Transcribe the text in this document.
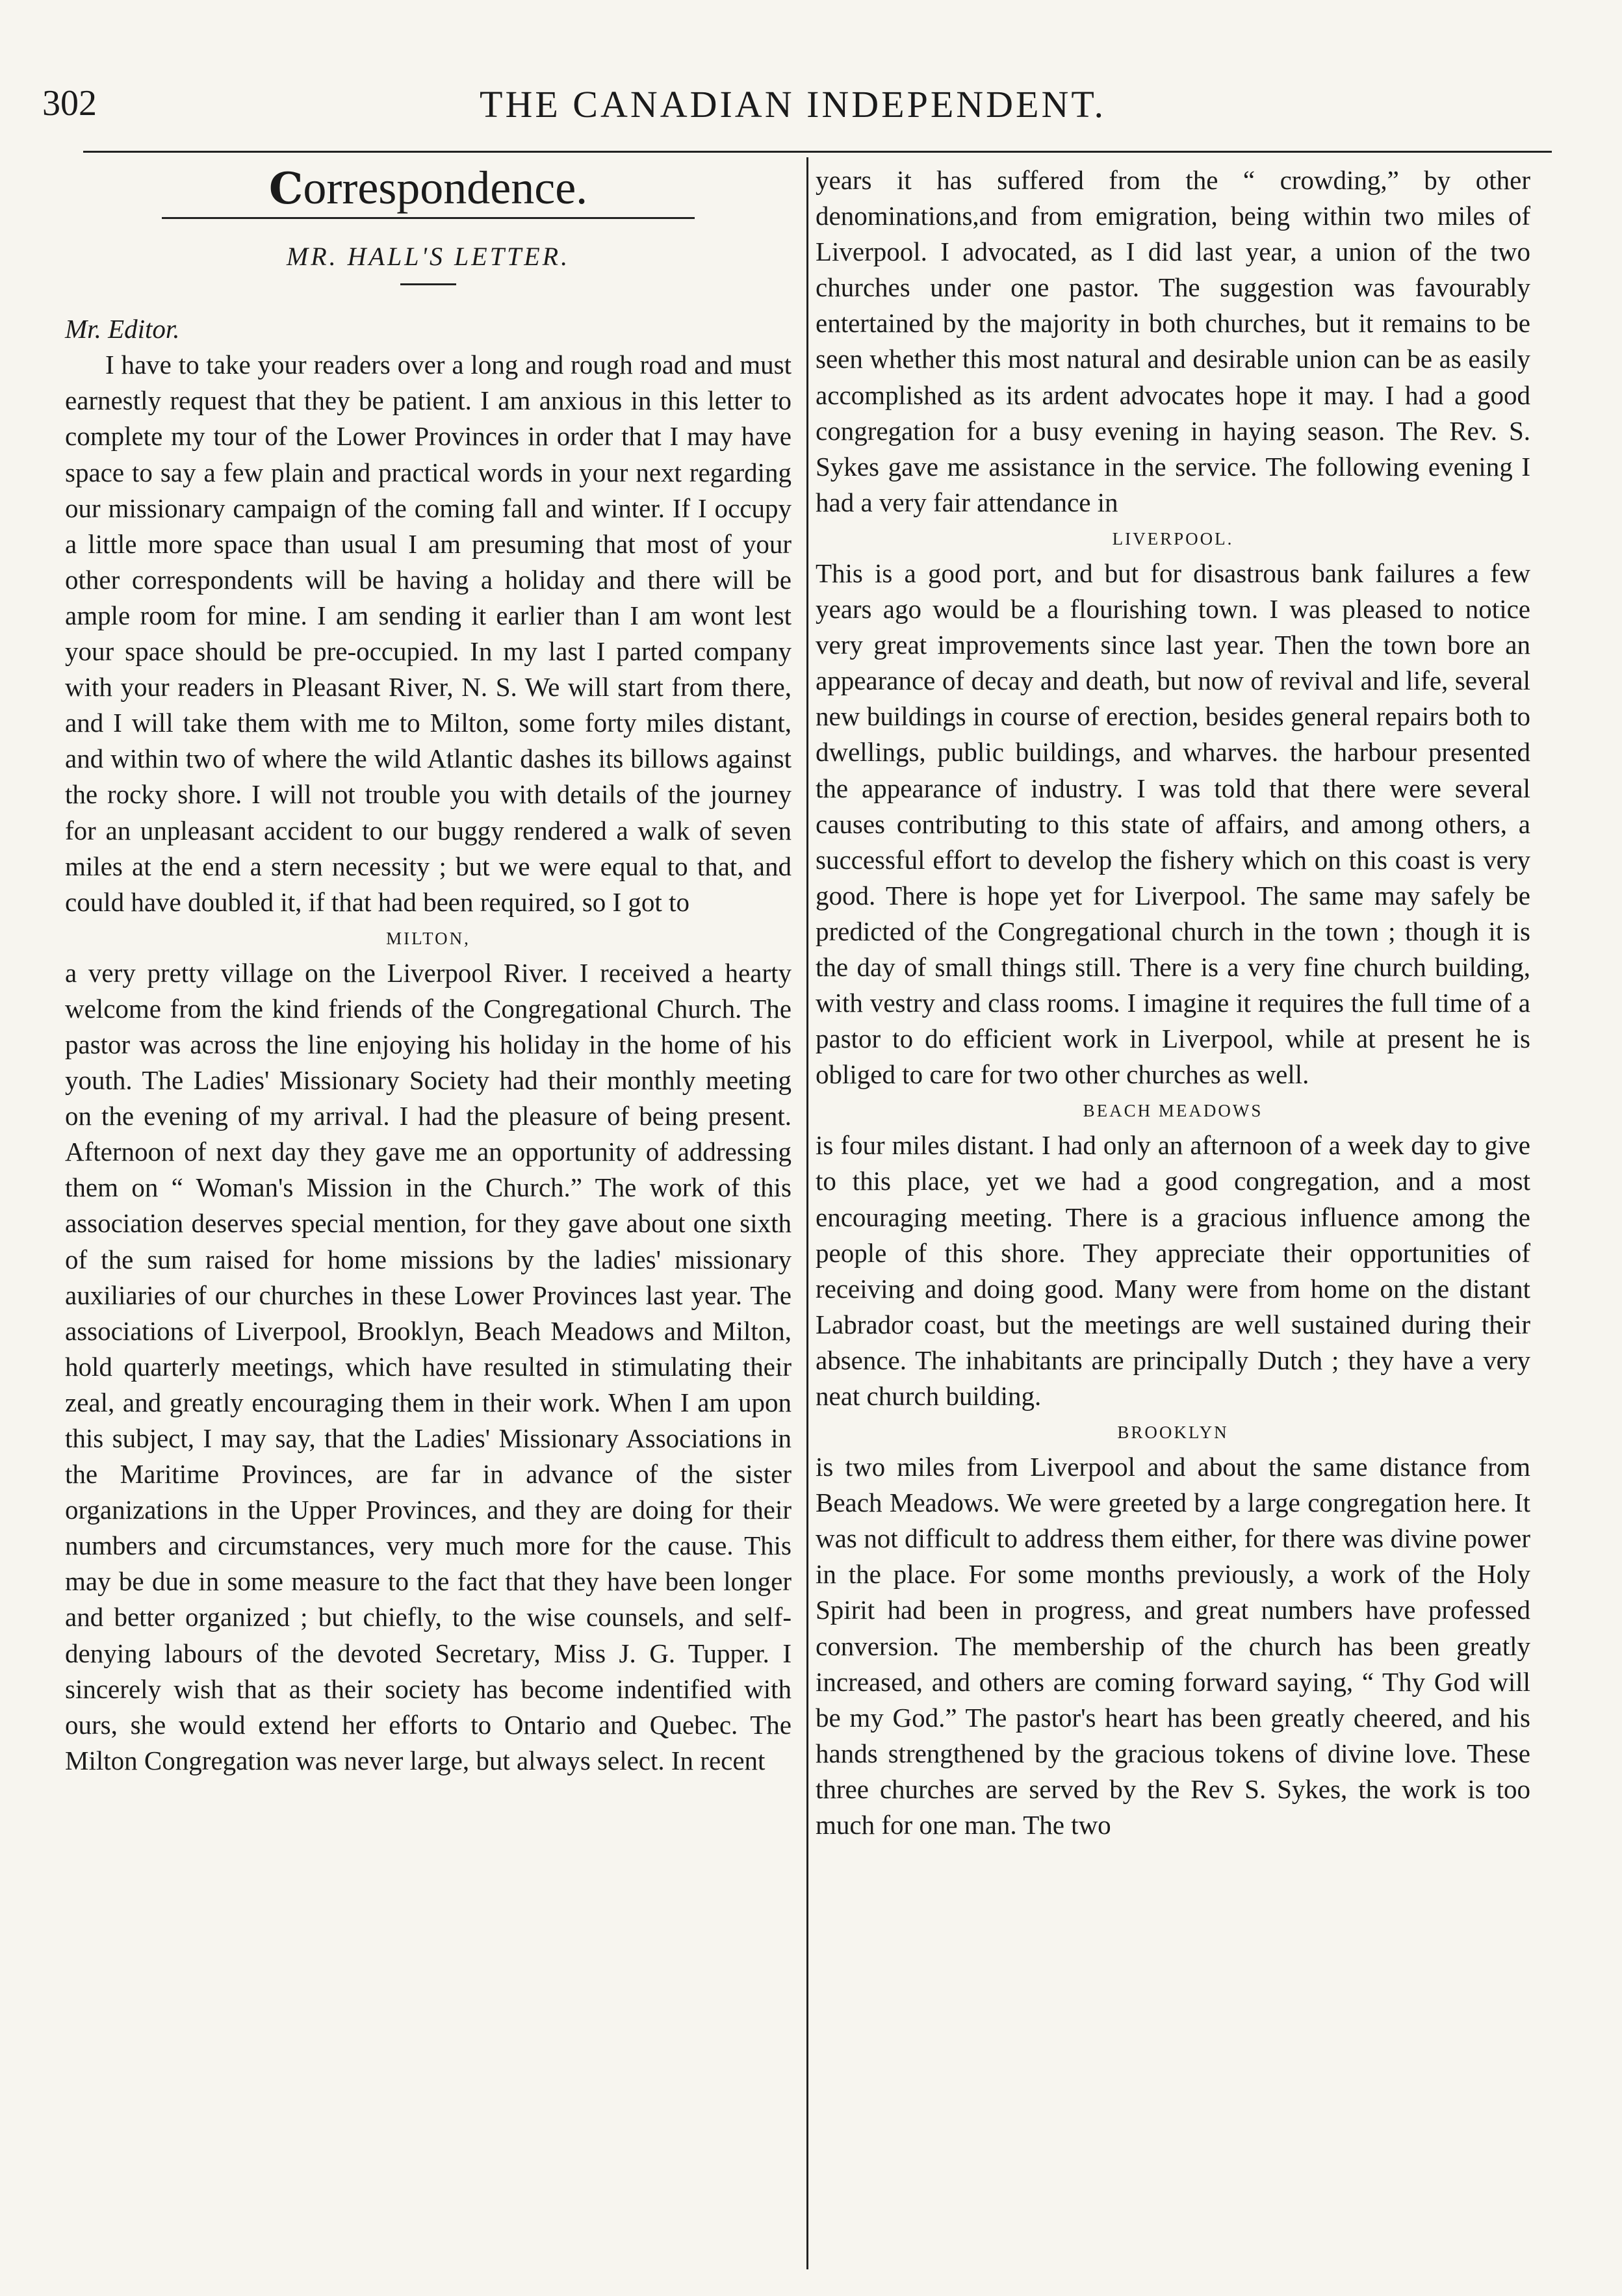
302	THE CANADIAN INDEPENDENT.
Correspondence.
MR. HALL'S LETTER.

Mr. Editor.

I have to take your readers over a long and rough road and must earnestly request that they be patient. I am anxious in this letter to complete my tour of the Lower Provinces in order that I may have space to say a few plain and practical words in your next regarding our missionary campaign of the coming fall and winter. If I occupy a little more space than usual I am presuming that most of your other correspondents will be having a holiday and there will be ample room for mine. I am sending it earlier than I am wont lest your space should be pre-occupied. In my last I parted company with your readers in Pleasant River, N. S. We will start from there, and I will take them with me to Milton, some forty miles distant, and within two of where the wild Atlantic dashes its billows against the rocky shore. I will not trouble you with details of the journey for an unpleasant accident to our buggy rendered a walk of seven miles at the end a stern necessity ; but we were equal to that, and could have doubled it, if that had been required, so I got to

MILTON,

a very pretty village on the Liverpool River. I received a hearty welcome from the kind friends of the Congregational Church. The pastor was across the line enjoying his holiday in the home of his youth. The Ladies' Missionary Society had their monthly meeting on the evening of my arrival. I had the pleasure of being present. Afternoon of next day they gave me an opportunity of addressing them on “ Woman's Mission in the Church.” The work of this association deserves special mention, for they gave about one sixth of the sum raised for home missions by the ladies' missionary auxiliaries of our churches in these Lower Provinces last year. The associations of Liverpool, Brooklyn, Beach Meadows and Milton, hold quarterly meetings, which have resulted in stimulating their zeal, and greatly encouraging them in their work. When I am upon this subject, I may say, that the Ladies' Missionary Associations in the Maritime Provinces, are far in advance of the sister organizations in the Upper Provinces, and they are doing for their numbers and circumstances, very much more for the cause. This may be due in some measure to the fact that they have been longer and better organized ; but chiefly, to the wise counsels, and self-denying labours of the devoted Secretary, Miss J. G. Tupper. I sincerely wish that as their society has become indentified with ours, she would extend her efforts to Ontario and Quebec. The Milton Congregation was never large, but always select. In recent

years it has suffered from the “ crowding,” by other denominations,and from emigration, being within two miles of Liverpool. I advocated, as I did last year, a union of the two churches under one pastor. The suggestion was favourably entertained by the majority in both churches, but it remains to be seen whether this most natural and desirable union can be as easily accomplished as its ardent advocates hope it may. I had a good congregation for a busy evening in haying season. The Rev. S. Sykes gave me assistance in the service. The following evening I had a very fair attendance in

LIVERPOOL.

This is a good port, and but for disastrous bank failures a few years ago would be a flourishing town. I was pleased to notice very great improvements since last year. Then the town bore an appearance of decay and death, but now of revival and life, several new buildings in course of erection, besides general repairs both to dwellings, public buildings, and wharves. the harbour presented the appearance of industry. I was told that there were several causes contributing to this state of affairs, and among others, a successful effort to develop the fishery which on this coast is very good. There is hope yet for Liverpool. The same may safely be predicted of the Congregational church in the town ; though it is the day of small things still. There is a very fine church building, with vestry and class rooms. I imagine it requires the full time of a pastor to do efficient work in Liverpool, while at present he is obliged to care for two other churches as well.

BEACH MEADOWS

is four miles distant. I had only an afternoon of a week day to give to this place, yet we had a good congregation, and a most encouraging meeting. There is a gracious influence among the people of this shore. They appreciate their opportunities of receiving and doing good. Many were from home on the distant Labrador coast, but the meetings are well sustained during their absence. The inhabitants are principally Dutch ; they have a very neat church building.

BROOKLYN

is two miles from Liverpool and about the same distance from Beach Meadows. We were greeted by a large congregation here. It was not difficult to address them either, for there was divine power in the place. For some months previously, a work of the Holy Spirit had been in progress, and great numbers have professed conversion. The membership of the church has been greatly increased, and others are coming forward saying, “ Thy God will be my God.” The pastor's heart has been greatly cheered, and his hands strengthened by the gracious tokens of divine love. These three churches are served by the Rev S. Sykes, the work is too much for one man. The two
